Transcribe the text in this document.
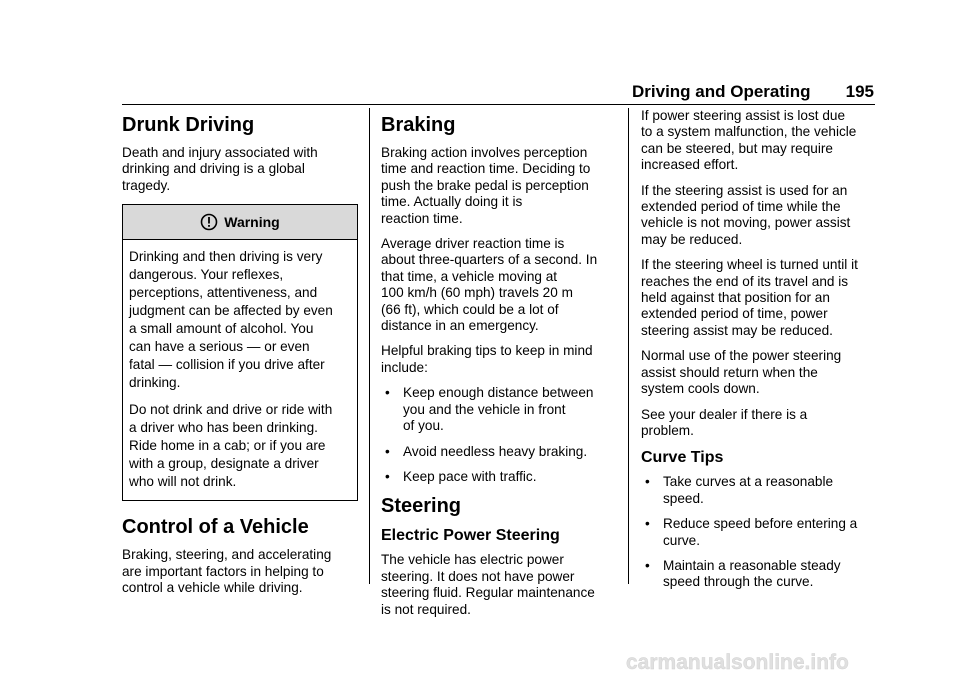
Driving and Operating 195
Drunk Driving

Death and injury associated with
drinking and driving is a global
tragedy.

Warning

Drinking and then driving is very
dangerous. Your reflexes,
perceptions, attentiveness, and
judgment can be affected by even
a small amount of alcohol. You
can have a serious — or even
fatal — collision if you drive after
drinking.

Do not drink and drive or ride with
a driver who has been drinking.
Ride home in a cab; or if you are
with a group, designate a driver
who will not drink.

Control of a Vehicle

Braking, steering, and accelerating
are important factors in helping to
control a vehicle while driving.

Braking

Braking action involves perception
time and reaction time. Deciding to
push the brake pedal is perception
time. Actually doing it is
reaction time.

Average driver reaction time is
about three-quarters of a second. In
that time, a vehicle moving at
100 km/h (60 mph) travels 20 m
(66 ft), which could be a lot of
distance in an emergency.

Helpful braking tips to keep in mind
include:

• Keep enough distance between
you and the vehicle in front
of you.
• Avoid needless heavy braking.
• Keep pace with traffic.
Steering
Electric Power Steering

The vehicle has electric power
steering. It does not have power
steering fluid. Regular maintenance
is not required.

If power steering assist is lost due
to a system malfunction, the vehicle
can be steered, but may require
increased effort.

If the steering assist is used for an
extended period of time while the
vehicle is not moving, power assist
may be reduced.

If the steering wheel is turned until it
reaches the end of its travel and is
held against that position for an
extended period of time, power
steering assist may be reduced.

Normal use of the power steering
assist should return when the
system cools down.

See your dealer if there is a
problem.

Curve Tips
• Take curves at a reasonable
speed.
• Reduce speed before entering a
curve.
• Maintain a reasonable steady
speed through the curve.
carmanualsonline.info
